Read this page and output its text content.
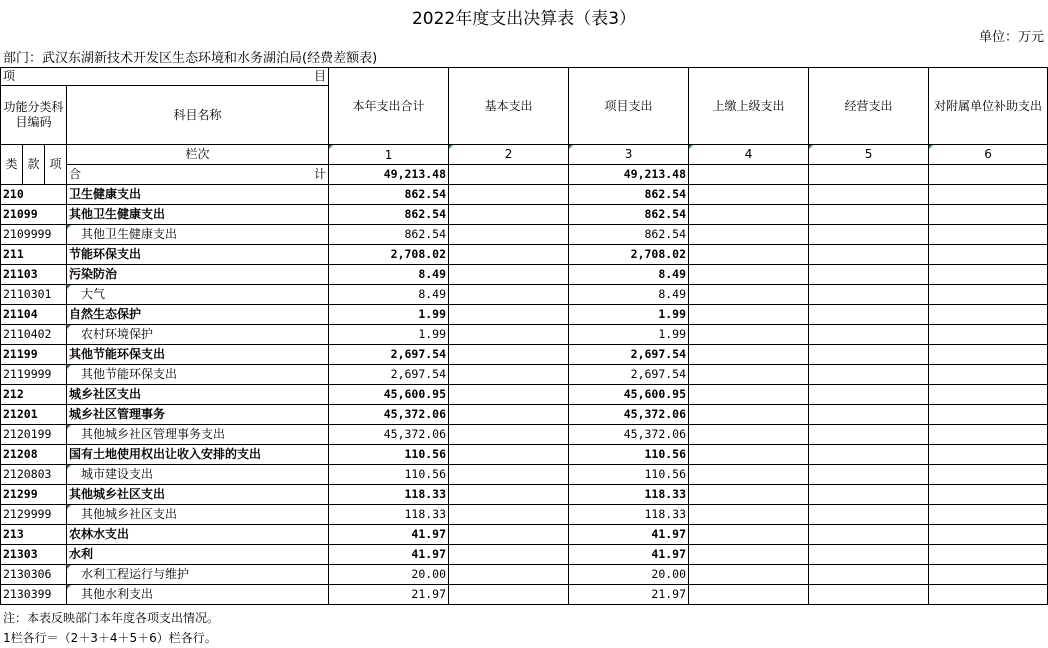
2022年度支出决算表（表3）
单位：万元
部门：武汉东湖新技术开发区生态环境和水务湖泊局(经费差额表)
项 目				本年支出合计	基本支出	项目支出	上缴上级支出	经营支出	对附属单位补助支出
功能分类科目编码			科目名称						
类	款	项	栏次	1	2	3	4	5	6

			合 计	49,213.48		49,213.48			
210			卫生健康支出	862.54		862.54			
21099			其他卫生健康支出	862.54		862.54			
2109999			其他卫生健康支出	862.54		862.54			
211			节能环保支出	2,708.02		2,708.02			
21103			污染防治	8.49		8.49			
2110301			大气	8.49		8.49			
21104			自然生态保护	1.99		1.99			
2110402			农村环境保护	1.99		1.99			
21199			其他节能环保支出	2,697.54		2,697.54			
2119999			其他节能环保支出	2,697.54		2,697.54			
212			城乡社区支出	45,600.95		45,600.95			
21201			城乡社区管理事务	45,372.06		45,372.06			
2120199			其他城乡社区管理事务支出	45,372.06		45,372.06			
21208			国有土地使用权出让收入安排的支出	110.56		110.56			
2120803			城市建设支出	110.56		110.56			
21299			其他城乡社区支出	118.33		118.33			
2129999			其他城乡社区支出	118.33		118.33			
213			农林水支出	41.97		41.97			
21303			水利	41.97		41.97			
2130306			水利工程运行与维护	20.00		20.00			
2130399			其他水利支出	21.97		21.97			
注：本表反映部门本年度各项支出情况。
1栏各行＝（2＋3＋4＋5＋6）栏各行。
